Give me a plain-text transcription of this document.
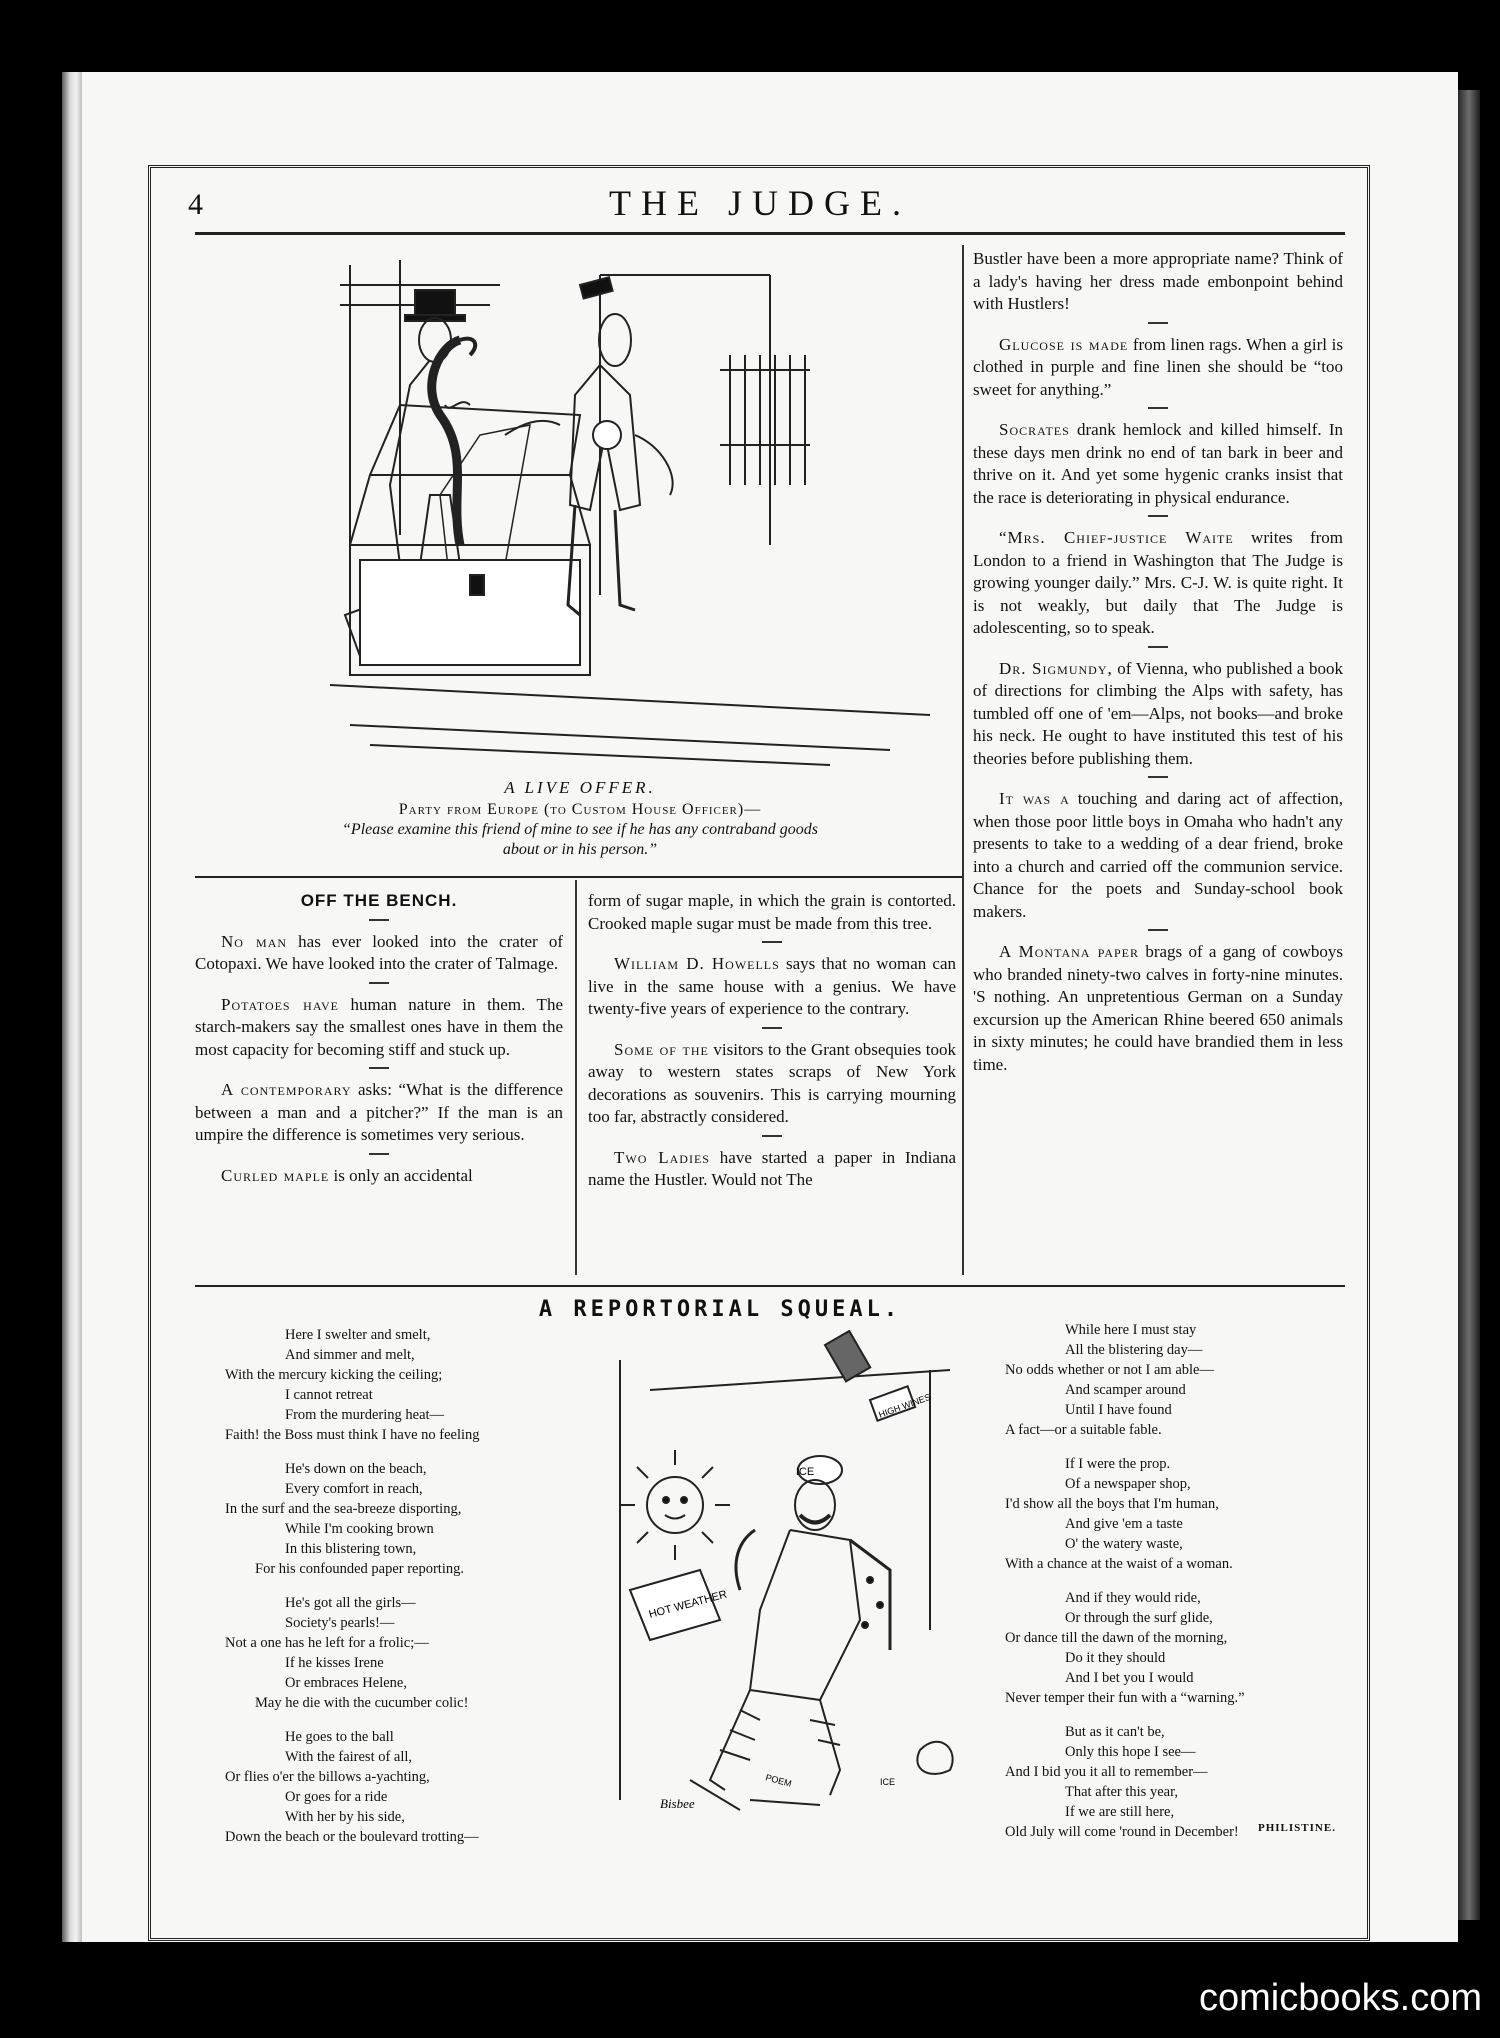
4	THE JUDGE.
A LIVE OFFER.
Party from Europe (to Custom House Officer)—
“Please examine this friend of mine to see if he has any contraband goods about or in his person.”
OFF THE BENCH.

No man has ever looked into the crater of Cotopaxi. We have looked into the crater of Talmage.

Potatoes have human nature in them. The starch-makers say the smallest ones have in them the most capacity for becoming stiff and stuck up.

A contemporary asks: “What is the difference between a man and a pitcher?” If the man is an umpire the difference is sometimes very serious.

Curled maple is only an accidental

form of sugar maple, in which the grain is contorted. Crooked maple sugar must be made from this tree.

William D. Howells says that no woman can live in the same house with a genius. We have twenty-five years of experience to the contrary.

Some of the visitors to the Grant obsequies took away to western states scraps of New York decorations as souvenirs. This is carrying mourning too far, abstractly considered.

Two Ladies have started a paper in Indiana name the Hustler. Would not The

Bustler have been a more appropriate name? Think of a lady's having her dress made embonpoint behind with Hustlers!

Glucose is made from linen rags. When a girl is clothed in purple and fine linen she should be “too sweet for anything.”

Socrates drank hemlock and killed himself. In these days men drink no end of tan bark in beer and thrive on it. And yet some hygenic cranks insist that the race is deteriorating in physical endurance.

“Mrs. Chief-justice Waite writes from London to a friend in Washington that The Judge is growing younger daily.” Mrs. C-J. W. is quite right. It is not weakly, but daily that The Judge is adolescenting, so to speak.

Dr. Sigmundy, of Vienna, who published a book of directions for climbing the Alps with safety, has tumbled off one of 'em—Alps, not books—and broke his neck. He ought to have instituted this test of his theories before publishing them.

It was a touching and daring act of affection, when those poor little boys in Omaha who hadn't any presents to take to a wedding of a dear friend, broke into a church and carried off the communion service. Chance for the poets and Sunday-school book makers.

A Montana paper brags of a gang of cowboys who branded ninety-two calves in forty-nine minutes. 'S nothing. An unpretentious German on a Sunday excursion up the American Rhine beered 650 animals in sixty minutes; he could have brandied them in less time.

A REPORTORIAL SQUEAL.
Here I swelter and smelt,
And simmer and melt,
With the mercury kicking the ceiling;
I cannot retreat
From the murdering heat—
Faith! the Boss must think I have no feeling
He's down on the beach,
Every comfort in reach,
In the surf and the sea-breeze disporting,
While I'm cooking brown
In this blistering town,
For his confounded paper reporting.
He's got all the girls—
Society's pearls!—
Not a one has he left for a frolic;—
If he kisses Irene
Or embraces Helene,
May he die with the cucumber colic!
He goes to the ball
With the fairest of all,
Or flies o'er the billows a-yachting,
Or goes for a ride
With her by his side,
Down the beach or the boulevard trotting—
ICE
HOT WEATHER
HIGH WINES
Bisbee
POEM	ICE
While here I must stay
All the blistering day—
No odds whether or not I am able—
And scamper around
Until I have found
A fact—or a suitable fable.
If I were the prop.
Of a newspaper shop,
I'd show all the boys that I'm human,
And give 'em a taste
O' the watery waste,
With a chance at the waist of a woman.
And if they would ride,
Or through the surf glide,
Or dance till the dawn of the morning,
Do it they should
And I bet you I would
Never temper their fun with a “warning.”
But as it can't be,
Only this hope I see—
And I bid you it all to remember—
That after this year,
If we are still here,
Old July will come 'round in December!	PHILISTINE.
comicbooks.com
